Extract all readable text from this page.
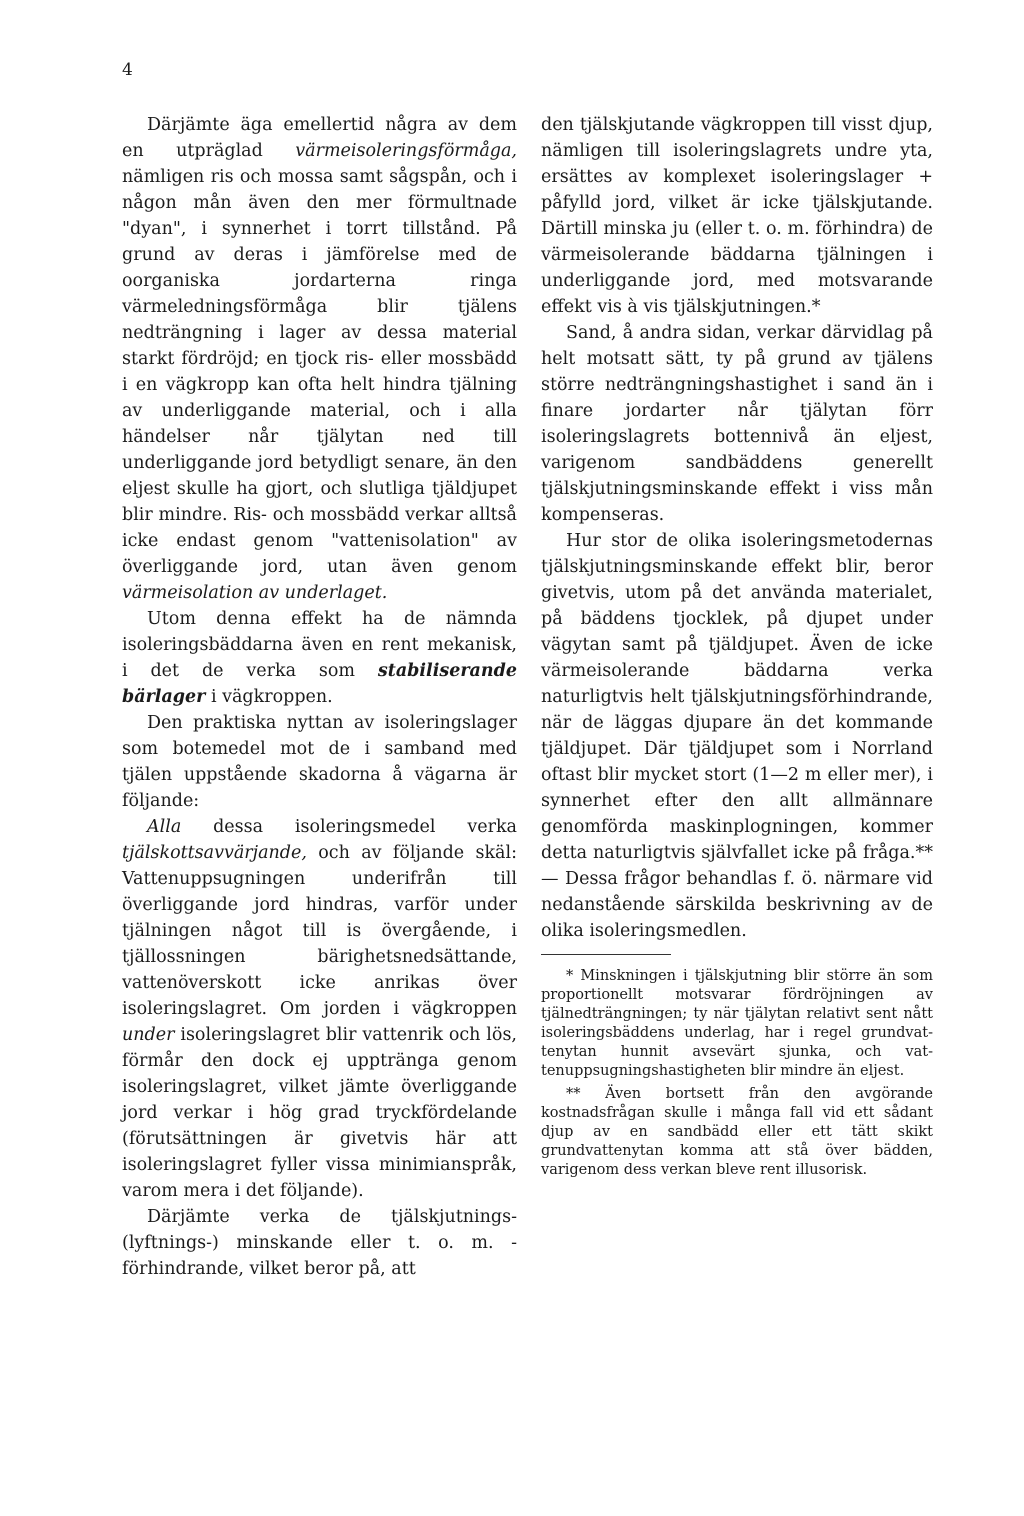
4

Därjämte äga emellertid några av dem en utpräglad värmeisoleringsförmåga, nämligen ris och mossa samt sågspån, och i någon mån även den mer förmultnade "dyan", i synnerhet i torrt tillstånd. På grund av deras i jämförelse med de oorganiska jordarterna ringa värmeledningsförmåga blir tjälens nedträngning i lager av dessa material starkt fördröjd; en tjock ris- eller mossbädd i en vägkropp kan ofta helt hindra tjälning av underliggande material, och i alla händelser når tjälytan ned till underliggande jord betydligt senare, än den eljest skulle ha gjort, och slutliga tjäldjupet blir mindre. Ris- och mossbädd verkar alltså icke endast genom "vattenisolation" av överliggande jord, utan även genom värmeisolation av underlaget.

Utom denna effekt ha de nämnda isoleringsbäddarna även en rent mekanisk, i det de verka som stabiliserande bärlager i vägkroppen.

Den praktiska nyttan av isoleringslager som botemedel mot de i samband med tjälen uppstående skadorna å vägarna är följande:

Alla dessa isoleringsmedel verka tjälskottsavvärjande, och av följande skäl: Vattenuppsugningen underifrån till överliggande jord hindras, varför under tjälningen något till is övergående, i tjällossningen bärighetsnedsättande, vattenöverskott icke anrikas över isoleringslagret. Om jorden i vägkroppen under isoleringslagret blir vattenrik och lös, förmår den dock ej upptränga genom isoleringslagret, vilket jämte överliggande jord verkar i hög grad tryckfördelande (förutsättningen är givetvis här att isoleringslagret fyller vissa minimianspråk, varom mera i det följande).

Därjämte verka de tjälskjutnings- (lyftnings-) minskande eller t. o. m. -förhindrande, vilket beror på, att

den tjälskjutande vägkroppen till visst djup, nämligen till isoleringslagrets undre yta, ersättes av komplexet isoleringslager + påfylld jord, vilket är icke tjälskjutande. Därtill minska ju (eller t. o. m. förhindra) de värmeisolerande bäddarna tjälningen i underliggande jord, med motsvarande effekt vis à vis tjälskjutningen.*

Sand, å andra sidan, verkar därvidlag på helt motsatt sätt, ty på grund av tjälens större nedträngningshastighet i sand än i finare jordarter når tjälytan förr isoleringslagrets bottennivå än eljest, varigenom sandbäddens generellt tjälskjutningsminskande effekt i viss mån kompenseras.

Hur stor de olika isoleringsmetodernas tjälskjutningsminskande effekt blir, beror givetvis, utom på det använda materialet, på bäddens tjocklek, på djupet under vägytan samt på tjäldjupet. Även de icke värmeisolerande bäddarna verka naturligtvis helt tjälskjutningsförhindrande, när de läggas djupare än det kommande tjäldjupet. Där tjäldjupet som i Norrland oftast blir mycket stort (1—2 m eller mer), i synnerhet efter den allt allmännare genomförda maskinplogningen, kommer detta naturligtvis självfallet icke på fråga.** — Dessa frågor behandlas f. ö. närmare vid nedanstående särskilda beskrivning av de olika isoleringsmedlen.

* Minskningen i tjälskjutning blir större än som proportionellt motsvarar fördröjningen av tjälnedträngningen; ty när tjälytan relativt sent nått isoleringsbäddens underlag, har i regel grundvattenytan hunnit avsevärt sjunka, och vattenuppsugningshastigheten blir mindre än eljest.

** Även bortsett från den avgörande kostnadsfrågan skulle i många fall vid ett sådant djup av en sandbädd eller ett tätt skikt grundvattenytan komma att stå över bädden, varigenom dess verkan bleve rent illusorisk.
